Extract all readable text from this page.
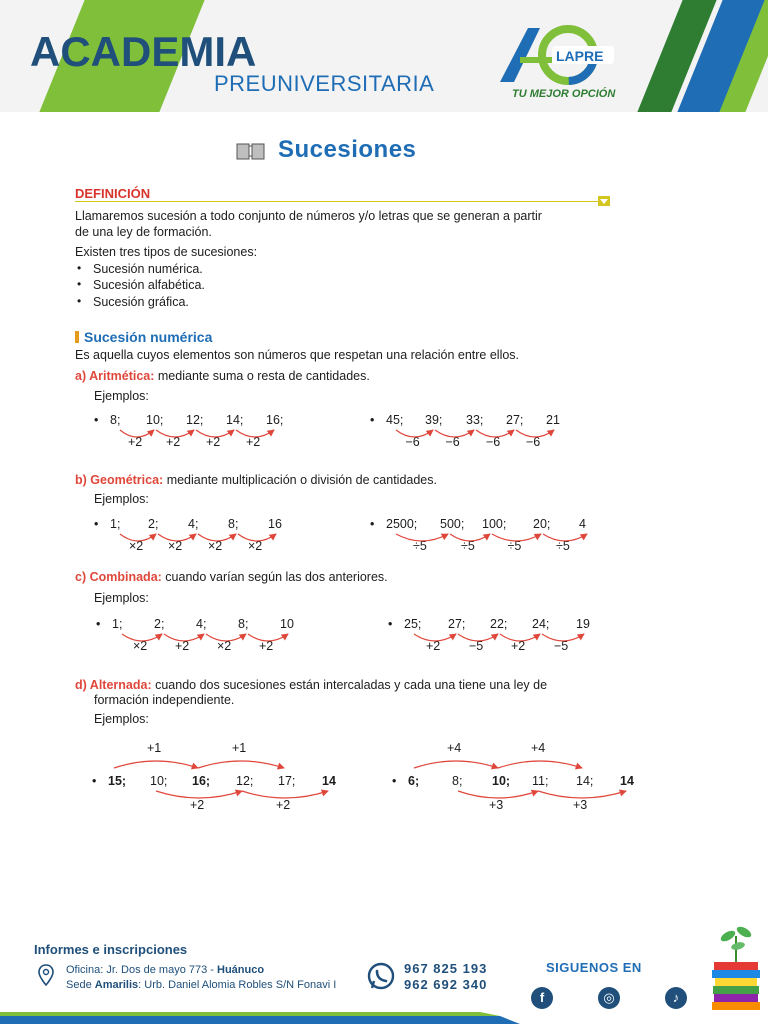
ACADEMIA
PREUNIVERSITARIA
LAPRE
TU MEJOR OPCIÓN
Sucesiones
DEFINICIÓN
Llamaremos sucesión a todo conjunto de números y/o letras que se generan a partir
de una ley de formación.
Existen tres tipos de sucesiones:
• Sucesión numérica.
• Sucesión alfabética.
• Sucesión gráfica.
Sucesión numérica
Es aquella cuyos elementos son números que respetan una relación entre ellos.
a) Aritmética: mediante suma o resta de cantidades.
Ejemplos:
b) Geométrica: mediante multiplicación o división de cantidades.
Ejemplos:
c) Combinada: cuando varían según las dos anteriores.
Ejemplos:
d) Alternada: cuando dos sucesiones están intercaladas y cada una tiene una ley de
formación independiente.
Ejemplos:
• 8; 10; 12; 14; 16;
+2 +2 +2 +2
• 45; 39; 33; 27; 21
−6 −6 −6 −6
• 1; 2; 4; 8; 16
×2 ×2 ×2 ×2
• 2500; 500; 100; 20; 4
÷5	÷5	÷5	÷5
• 1;	2;	4;	8;	10
×2 +2 ×2 +2
• 25; 27; 22; 24; 19
+2 −5 +2 −5
• 15; 10; 16; 12; 17; 14
+1	+1
+2	+2
• 6;	8; 10; 11; 14; 14
+4	+4
+3	+3
Informes e inscripciones
Oficina: Jr. Dos de mayo 773 - Huánuco
Sede Amarilis: Urb. Daniel Alomia Robles S/N Fonavi I
967 825 193
962 692 340
SIGUENOS EN
f	◎	♪
